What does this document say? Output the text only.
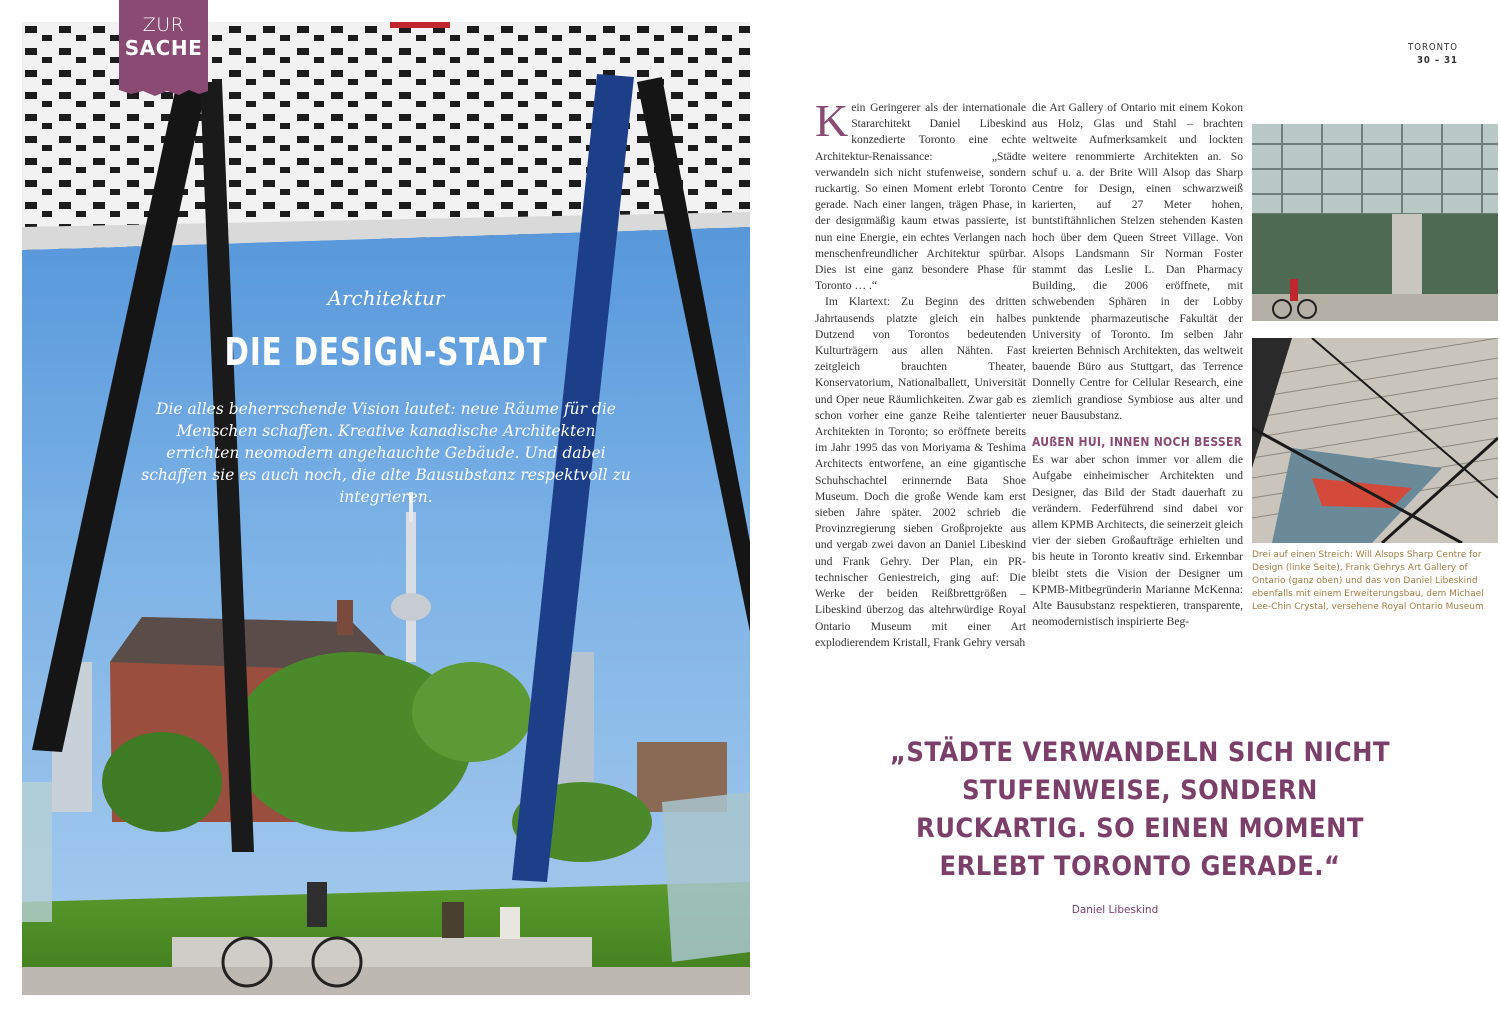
ZUR
SACHE
Architektur
DIE DESIGN-STADT
Die alles beherrschende Vision lautet: neue Räume für die Menschen schaffen. Kreative kanadische Architekten errichten neomodern angehauchte Gebäude. Und dabei schaffen sie es auch noch, die alte Bausubstanz respektvoll zu integrieren.
TORONTO
30 – 31

Kein Geringerer als der internationale Stararchitekt Daniel Libeskind konzedierte Toronto eine echte Architektur-Renaissance: „Städte verwandeln sich nicht stufenweise, sondern ruckartig. So einen Moment erlebt Toronto gerade. Nach einer langen, trägen Phase, in der designmäßig kaum etwas passierte, ist nun eine Energie, ein echtes Verlangen nach menschenfreundlicher Architektur spürbar. Dies ist eine ganz besondere Phase für Toronto … .“

Im Klartext: Zu Beginn des dritten Jahrtausends platzte gleich ein halbes Dutzend von Torontos bedeutenden Kulturträgern aus allen Nähten. Fast zeitgleich brauchten Theater, Konservatorium, Nationalballett, Universität und Oper neue Räumlichkeiten. Zwar gab es schon vorher eine ganze Reihe talentierter Architekten in Toronto; so eröffnete bereits im Jahr 1995 das von Moriyama & Teshima Architects entworfene, an eine gigantische Schuhschachtel erinnernde Bata Shoe Museum. Doch die große Wende kam erst sieben Jahre später. 2002 schrieb die Provinzregierung sieben Großprojekte aus und vergab zwei davon an Daniel Libeskind und Frank Gehry. Der Plan, ein PR-technischer Geniestreich, ging auf: Die Werke der beiden Reißbrettgrößen – Libeskind überzog das altehrwürdige Royal Ontario Museum mit einer Art explodierendem Kristall, Frank Gehry versah

die Art Gallery of Ontario mit einem Kokon aus Holz, Glas und Stahl – brachten weltweite Aufmerksamkeit und lockten weitere renommierte Architekten an. So schuf u. a. der Brite Will Alsop das Sharp Centre for Design, einen schwarzweiß karierten, auf 27 Meter hohen, buntstiftähnlichen Stelzen stehenden Kasten hoch über dem Queen Street Village. Von Alsops Landsmann Sir Norman Foster stammt das Leslie L. Dan Pharmacy Building, die 2006 eröffnete, mit schwebenden Sphären in der Lobby punktende pharmazeutische Fakultät der University of Toronto. Im selben Jahr kreierten Behnisch Architekten, das weltweit bauende Büro aus Stuttgart, das Terrence Donnelly Centre for Cellular Research, eine ziemlich grandiose Symbiose aus alter und neuer Bausubstanz.

AUßEN HUI, INNEN NOCH BESSER

Es war aber schon immer vor allem die Aufgabe einheimischer Architekten und Designer, das Bild der Stadt dauerhaft zu verändern. Federführend sind dabei vor allem KPMB Architects, die seinerzeit gleich vier der sieben Großaufträge erhielten und bis heute in Toronto kreativ sind. Erkennbar bleibt stets die Vision der Designer um KPMB-Mitbegründerin Marianne McKenna: Alte Bausubstanz respektieren, transparente, neomodernistisch inspirierte Beg-

Drei auf einen Streich: Will Alsops Sharp Centre for Design (linke Seite), Frank Gehrys Art Gallery of Ontario (ganz oben) und das von Daniel Libeskind ebenfalls mit einem Erweiterungsbau, dem Michael Lee-Chin Crystal, versehene Royal Ontario Museum
„STÄDTE VERWANDELN SICH NICHT STUFENWEISE, SONDERN RUCKARTIG. SO EINEN MOMENT ERLEBT TORONTO GERADE.“
Daniel Libeskind
